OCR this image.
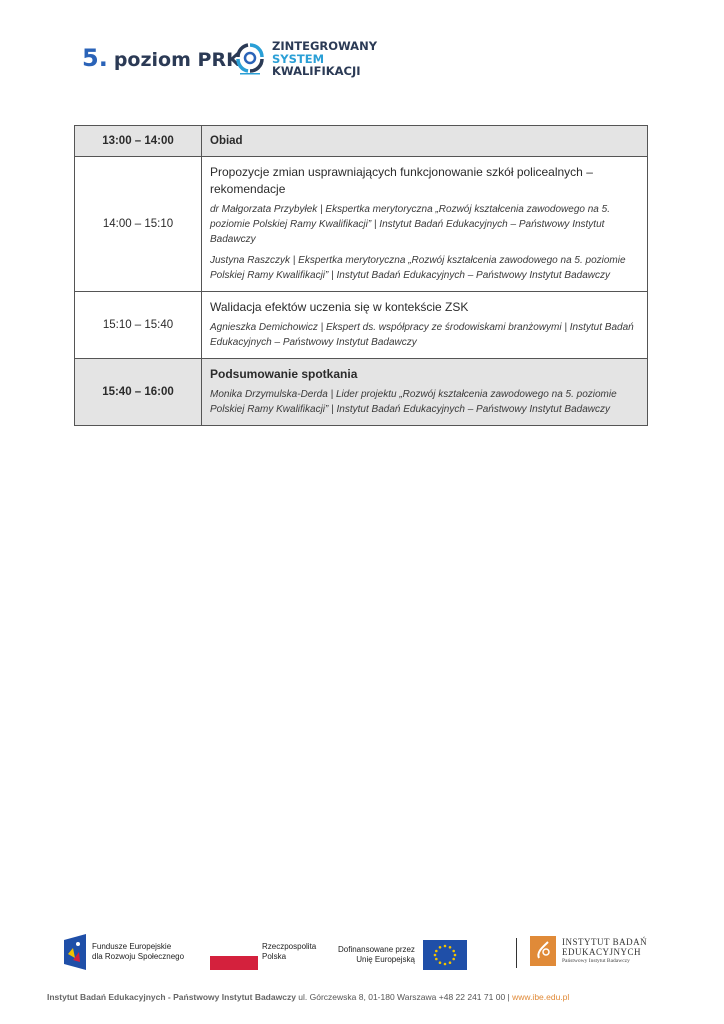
5. poziom PRK
ZINTEGROWANY
SYSTEM
KWALIFIKACJI
13:00 – 14:00	Obiad
14:00 – 15:10	Propozycje zmian usprawniających funkcjonowanie szkół policealnych – rekomendacje
dr Małgorzata Przybyłek | Ekspertka merytoryczna „Rozwój kształcenia zawodowego na 5. poziomie Polskiej Ramy Kwalifikacji” | Instytut Badań Edukacyjnych – Państwowy Instytut Badawczy
Justyna Raszczyk | Ekspertka merytoryczna „Rozwój kształcenia zawodowego na 5. poziomie Polskiej Ramy Kwalifikacji” | Instytut Badań Edukacyjnych – Państwowy Instytut Badawczy

15:10 – 15:40	Walidacja efektów uczenia się w kontekście ZSK
Agnieszka Demichowicz | Ekspert ds. współpracy ze środowiskami branżowymi | Instytut Badań Edukacyjnych – Państwowy Instytut Badawczy

15:40 – 16:00	Podsumowanie spotkania
Monika Drzymulska-Derda | Lider projektu „Rozwój kształcenia zawodowego na 5. poziomie Polskiej Ramy Kwalifikacji” | Instytut Badań Edukacyjnych – Państwowy Instytut Badawczy
Fundusze Europejskie
dla Rozwoju Społecznego
Rzeczpospolita
Polska
Dofinansowane przez
Unię Europejską
INSTYTUT BADAŃ
EDUKACYJNYCH
Państwowy Instytut Badawczy
Instytut Badań Edukacyjnych - Państwowy Instytut Badawczy ul. Górczewska 8, 01-180 Warszawa +48 22 241 71 00 | www.ibe.edu.pl
